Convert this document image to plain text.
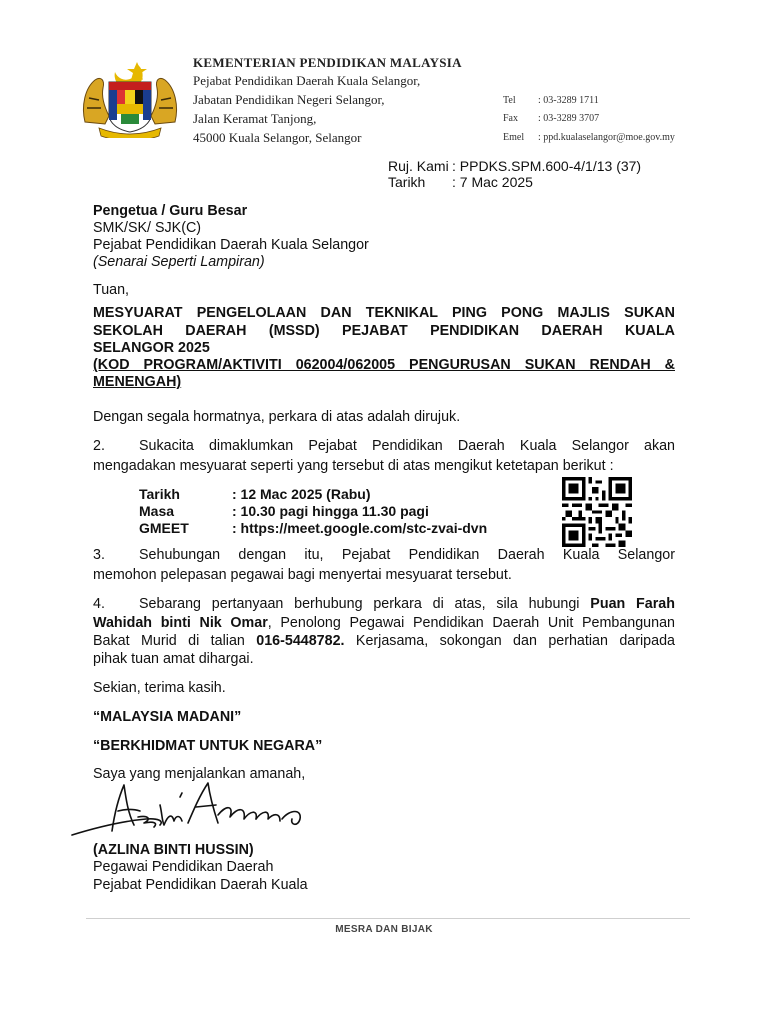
KEMENTERIAN PENDIDIKAN MALAYSIA
Pejabat Pendidikan Daerah Kuala Selangor,
Jabatan Pendidikan Negeri Selangor,
Jalan Keramat Tanjong,
45000 Kuala Selangor, Selangor
Tel : 03-3289 1711
Fax : 03-3289 3707
Emel : ppd.kualaselangor@moe.gov.my
Ruj. Kami : PPDKS.SPM.600-4/1/13 (37)
Tarikh : 7 Mac 2025
Pengetua / Guru Besar
SMK/SK/ SJK(C)
Pejabat Pendidikan Daerah Kuala Selangor
(Senarai Seperti Lampiran)
Tuan,
MESYUARAT PENGELOLAAN DAN TEKNIKAL PING PONG MAJLIS SUKAN
SEKOLAH DAERAH (MSSD) PEJABAT PENDIDIKAN DAERAH KUALA
SELANGOR 2025
(KOD PROGRAM/AKTIVITI 062004/062005 PENGURUSAN SUKAN RENDAH &
MENENGAH)
Dengan segala hormatnya, perkara di atas adalah dirujuk.
2. Sukacita dimaklumkan Pejabat Pendidikan Daerah Kuala Selangor akan
mengadakan mesyuarat seperti yang tersebut di atas mengikut ketetapan berikut :
Tarikh	: 12 Mac 2025 (Rabu)
Masa	: 10.30 pagi hingga 11.30 pagi
GMEET	: https://meet.google.com/stc-zvai-dvn
3. Sehubungan dengan itu, Pejabat Pendidikan Daerah Kuala Selangor
memohon pelepasan pegawai bagi menyertai mesyuarat tersebut.
4. Sebarang pertanyaan berhubung perkara di atas, sila hubungi Puan Farah
Wahidah binti Nik Omar, Penolong Pegawai Pendidikan Daerah Unit Pembangunan
Bakat Murid di talian 016-5448782. Kerjasama, sokongan dan perhatian daripada
pihak tuan amat dihargai.
Sekian, terima kasih.
“MALAYSIA MADANI”
“BERKHIDMAT UNTUK NEGARA”
Saya yang menjalankan amanah,
(AZLINA BINTI HUSSIN)
Pegawai Pendidikan Daerah
Pejabat Pendidikan Daerah Kuala
MESRA DAN BIJAK
